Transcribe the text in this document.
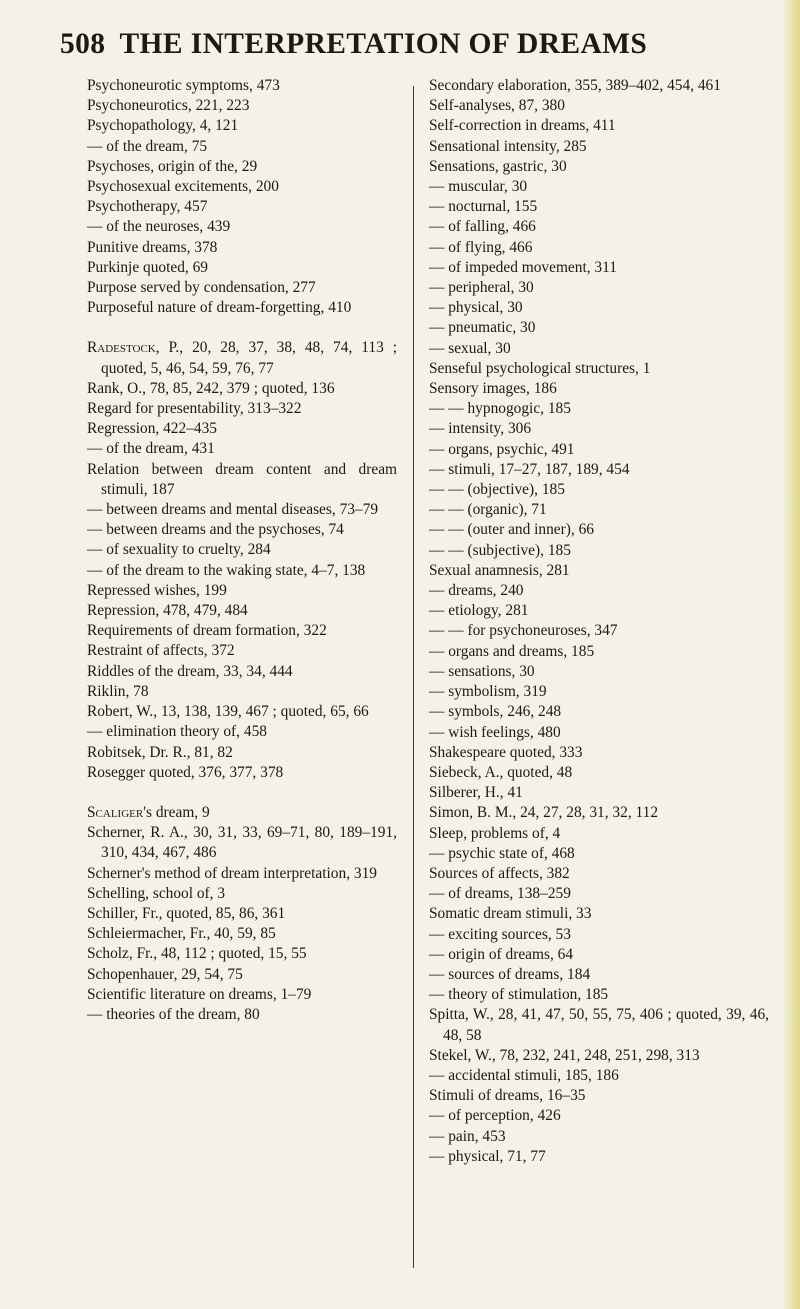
508 THE INTERPRETATION OF DREAMS
Psychoneurotic symptoms, 473
Psychoneurotics, 221, 223
Psychopathology, 4, 121
— of the dream, 75
Psychoses, origin of the, 29
Psychosexual excitements, 200
Psychotherapy, 457
— of the neuroses, 439
Punitive dreams, 378
Purkinje quoted, 69
Purpose served by condensation, 277
Purposeful nature of dream-forgetting, 410
Radestock, P., 20, 28, 37, 38, 48, 74, 113 ; quoted, 5, 46, 54, 59, 76, 77
Rank, O., 78, 85, 242, 379 ; quoted, 136
Regard for presentability, 313–322
Regression, 422–435
— of the dream, 431
Relation between dream content and dream stimuli, 187
— between dreams and mental diseases, 73–79
— between dreams and the psychoses, 74
— of sexuality to cruelty, 284
— of the dream to the waking state, 4–7, 138
Repressed wishes, 199
Repression, 478, 479, 484
Requirements of dream formation, 322
Restraint of affects, 372
Riddles of the dream, 33, 34, 444
Riklin, 78
Robert, W., 13, 138, 139, 467 ; quoted, 65, 66
— elimination theory of, 458
Robitsek, Dr. R., 81, 82
Rosegger quoted, 376, 377, 378
Scaliger's dream, 9
Scherner, R. A., 30, 31, 33, 69–71, 80, 189–191, 310, 434, 467, 486
Scherner's method of dream interpretation, 319
Schelling, school of, 3
Schiller, Fr., quoted, 85, 86, 361
Schleiermacher, Fr., 40, 59, 85
Scholz, Fr., 48, 112 ; quoted, 15, 55
Schopenhauer, 29, 54, 75
Scientific literature on dreams, 1–79
— theories of the dream, 80
Secondary elaboration, 355, 389–402, 454, 461
Self-analyses, 87, 380
Self-correction in dreams, 411
Sensational intensity, 285
Sensations, gastric, 30
— muscular, 30
— nocturnal, 155
— of falling, 466
— of flying, 466
— of impeded movement, 311
— peripheral, 30
— physical, 30
— pneumatic, 30
— sexual, 30
Senseful psychological structures, 1
Sensory images, 186
— — hypnogogic, 185
— intensity, 306
— organs, psychic, 491
— stimuli, 17–27, 187, 189, 454
— — (objective), 185
— — (organic), 71
— — (outer and inner), 66
— — (subjective), 185
Sexual anamnesis, 281
— dreams, 240
— etiology, 281
— — for psychoneuroses, 347
— organs and dreams, 185
— sensations, 30
— symbolism, 319
— symbols, 246, 248
— wish feelings, 480
Shakespeare quoted, 333
Siebeck, A., quoted, 48
Silberer, H., 41
Simon, B. M., 24, 27, 28, 31, 32, 112
Sleep, problems of, 4
— psychic state of, 468
Sources of affects, 382
— of dreams, 138–259
Somatic dream stimuli, 33
— exciting sources, 53
— origin of dreams, 64
— sources of dreams, 184
— theory of stimulation, 185
Spitta, W., 28, 41, 47, 50, 55, 75, 406 ; quoted, 39, 46, 48, 58
Stekel, W., 78, 232, 241, 248, 251, 298, 313
— accidental stimuli, 185, 186
Stimuli of dreams, 16–35
— of perception, 426
— pain, 453
— physical, 71, 77
